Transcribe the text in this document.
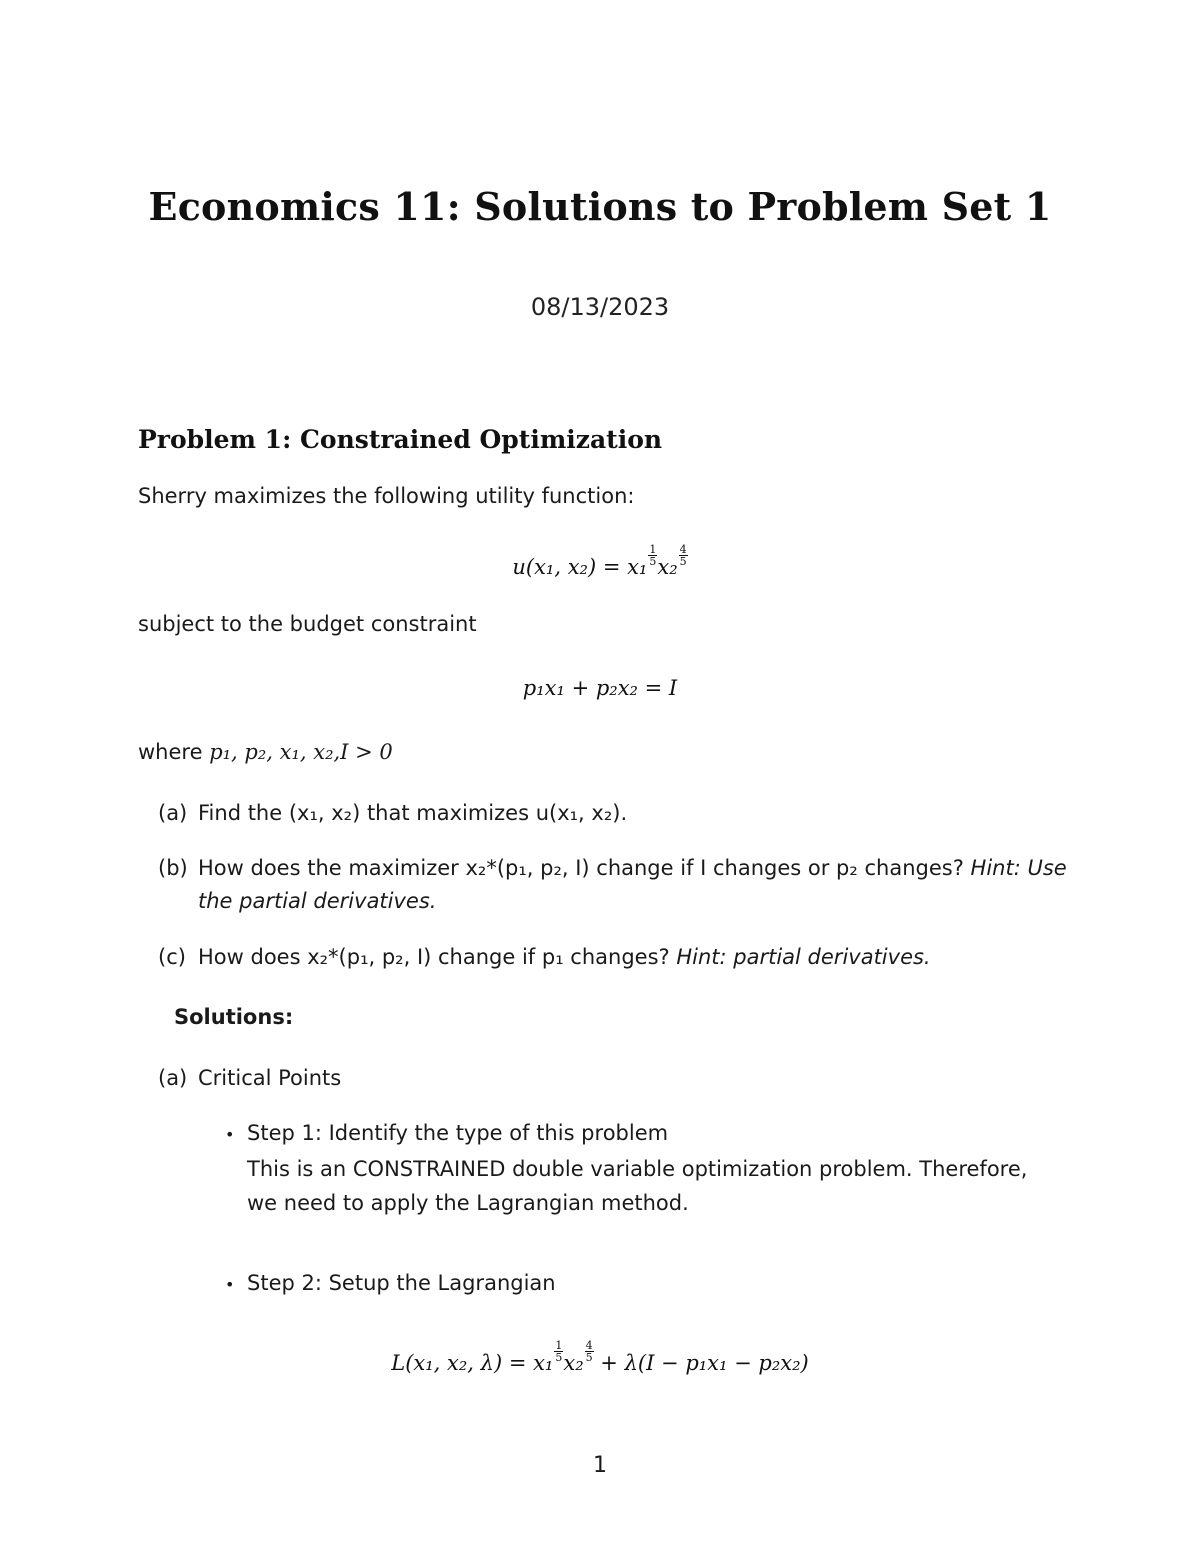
Economics 11: Solutions to Problem Set 1
08/13/2023
Problem 1: Constrained Optimization
Sherry maximizes the following utility function:
u(x₁, $x_2) = x_1 \frac{1}{5} x_2 \frac{4}{5}$
subject to the budget constraint
p₁x₁ + p₂x₂ = I
where p₁, p₂, x₁, x₂,I > 0
(a) Find the (x₁, x₂) that maximizes u(x₁, x₂).
(b) How does the maximizer x₂*(p₁, p₂, I) change if I changes or p₂ changes? Hint: Use
the partial derivatives.
(c) How does x₂*(p₁, p₂, I) change if p₁ changes? Hint: partial derivatives.
Solutions:
(a) Critical Points
• Step 1: Identify the type of this problem
This is an CONSTRAINED double variable optimization problem. Therefore,
we need to apply the Lagrangian method.
• Step 2: Setup the Lagrangian
L(x₁, x₂, $\lambda) = x_1 \frac{1}{5} x_2 \frac{4}{5} + \lambda(I - p_1x_1 - p_2x_2)$
1
